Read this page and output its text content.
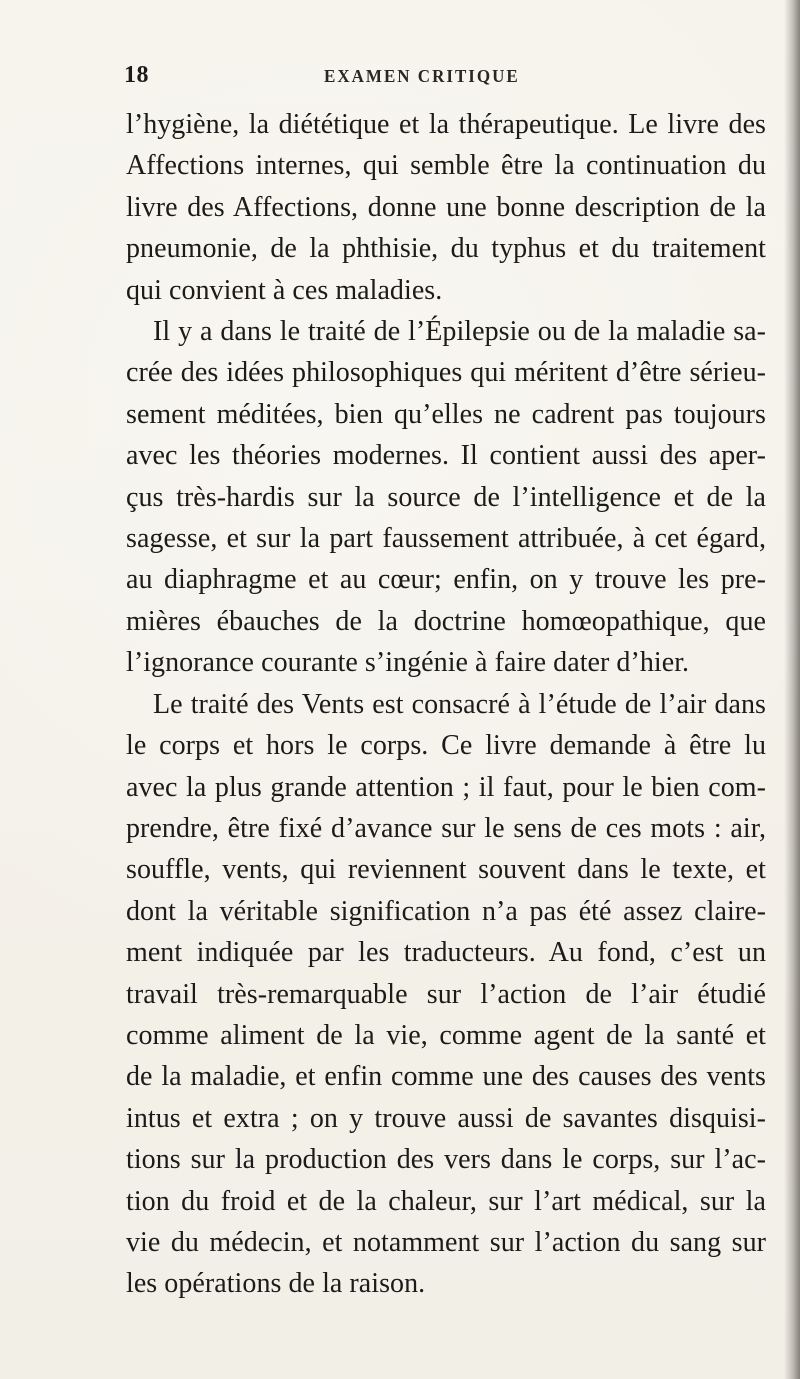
18	EXAMEN CRITIQUE
l’hygiène, la diététique et la thérapeutique. Le livre des
Affections internes, qui semble être la continuation du
livre des Affections, donne une bonne description de la
pneumonie, de la phthisie, du typhus et du traitement
qui convient à ces maladies.
Il y a dans le traité de l’Épilepsie ou de la maladie sa-
crée des idées philosophiques qui méritent d’être sérieu-
sement méditées, bien qu’elles ne cadrent pas toujours
avec les théories modernes. Il contient aussi des aper-
çus très-hardis sur la source de l’intelligence et de la
sagesse, et sur la part faussement attribuée, à cet égard,
au diaphragme et au cœur; enfin, on y trouve les pre-
mières ébauches de la doctrine homœopathique, que
l’ignorance courante s’ingénie à faire dater d’hier.
Le traité des Vents est consacré à l’étude de l’air dans
le corps et hors le corps. Ce livre demande à être lu
avec la plus grande attention ; il faut, pour le bien com-
prendre, être fixé d’avance sur le sens de ces mots : air,
souffle, vents, qui reviennent souvent dans le texte, et
dont la véritable signification n’a pas été assez claire-
ment indiquée par les traducteurs. Au fond, c’est un
travail très-remarquable sur l’action de l’air étudié
comme aliment de la vie, comme agent de la santé et
de la maladie, et enfin comme une des causes des vents
intus et extra ; on y trouve aussi de savantes disquisi-
tions sur la production des vers dans le corps, sur l’ac-
tion du froid et de la chaleur, sur l’art médical, sur la
vie du médecin, et notamment sur l’action du sang sur
les opérations de la raison.
